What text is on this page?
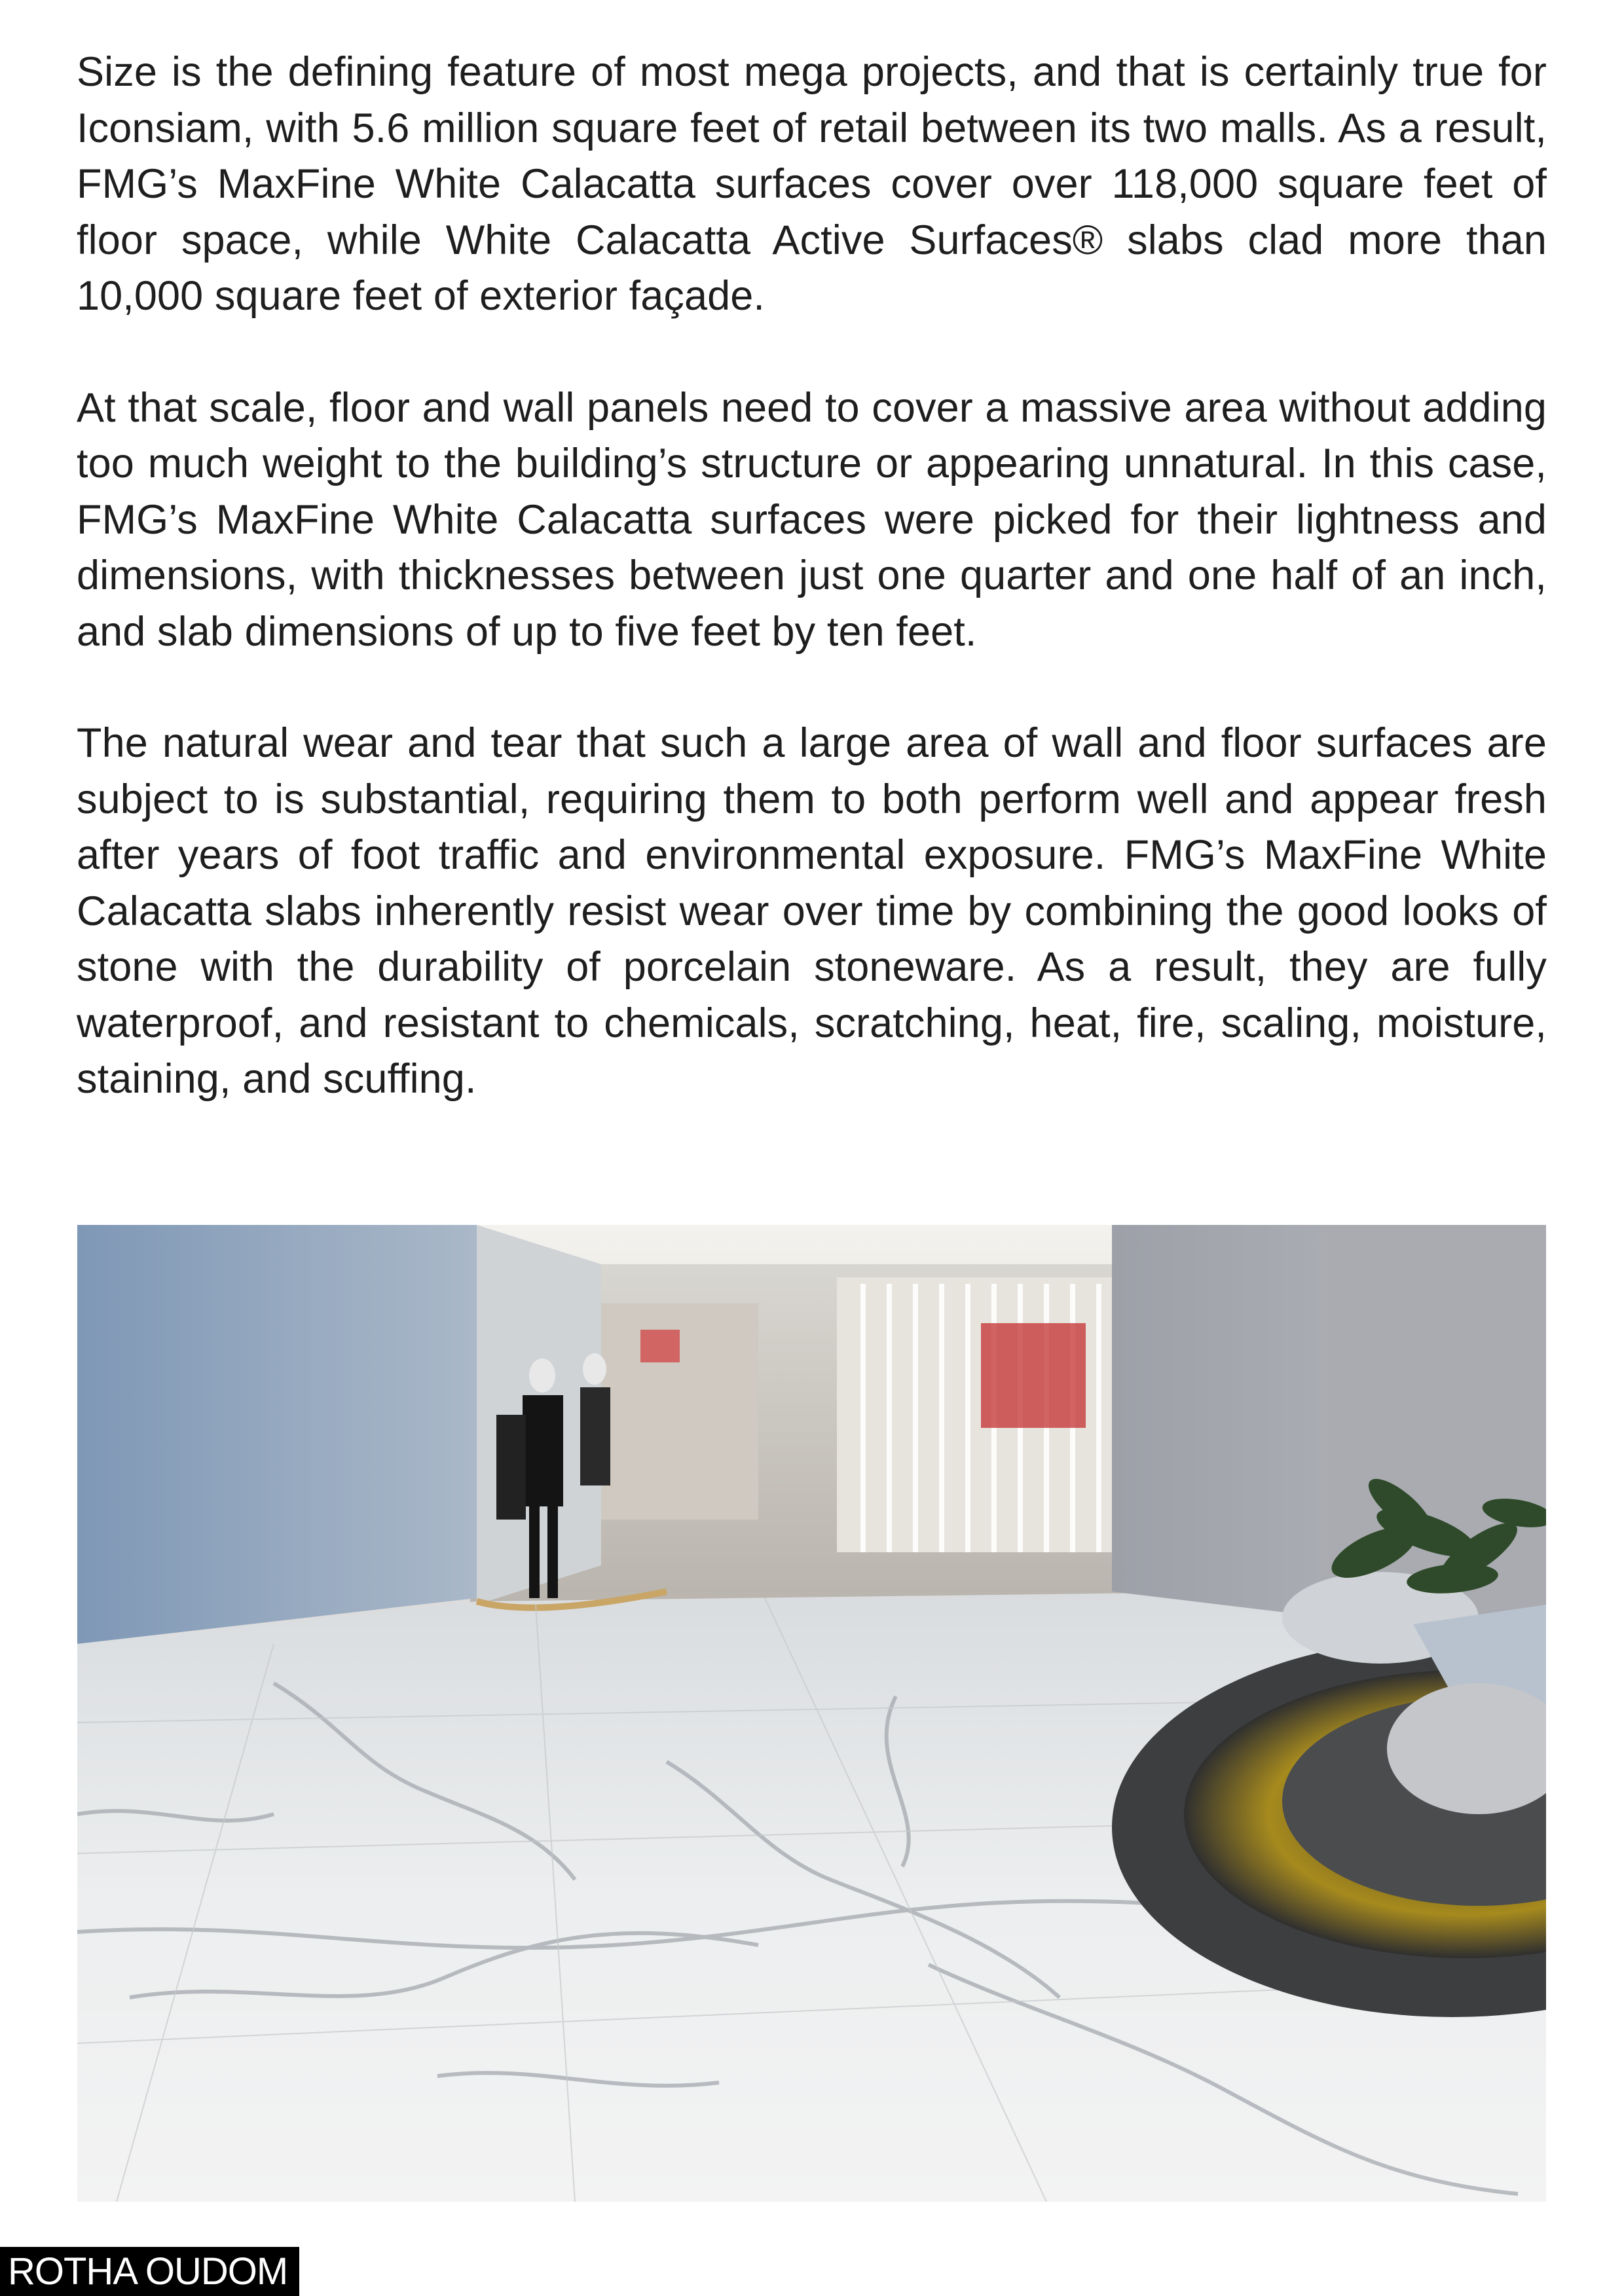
Size is the defining feature of most mega projects, and that is certainly true for Iconsiam, with 5.6 million square feet of retail between its two malls. As a result, FMG’s MaxFine White Calacatta surfaces cover over 118,000 square feet of floor space, while White Calacatta Active Surfaces® slabs clad more than 10,000 square feet of exterior façade.

At that scale, floor and wall panels need to cover a massive area without adding too much weight to the building’s structure or appearing unnatural. In this case, FMG’s MaxFine White Calacatta surfaces were picked for their lightness and dimensions, with thicknesses between just one quarter and one half of an inch, and slab dimensions of up to five feet by ten feet.

The natural wear and tear that such a large area of wall and floor surfaces are subject to is substantial, requiring them to both perform well and appear fresh after years of foot traffic and environmental exposure. FMG’s MaxFine White Calacatta slabs inherently resist wear over time by combining the good looks of stone with the durability of porcelain stoneware. As a result, they are fully waterproof, and resistant to chemicals, scratching, heat, fire, scaling, moisture, staining, and scuffing.

ROTHA OUDOM
